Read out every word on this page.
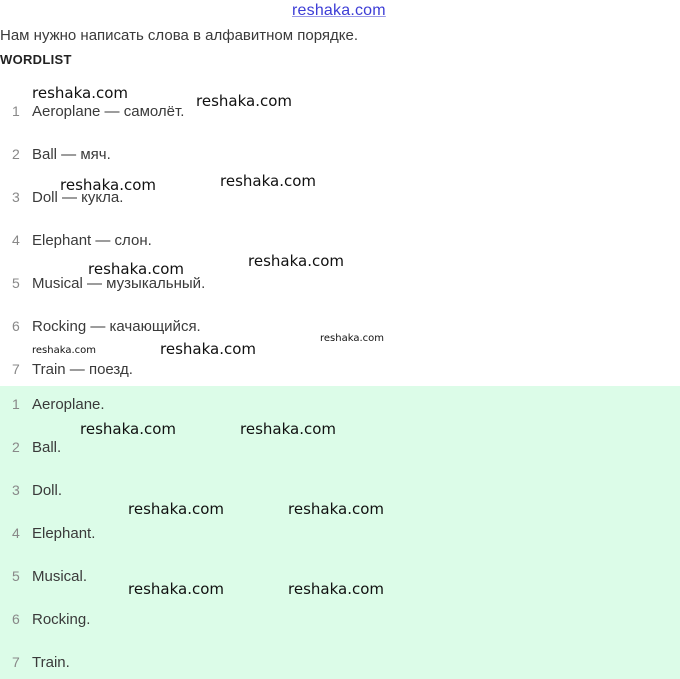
reshaka.com
Нам нужно написать слова в алфавитном порядке.
WORDLIST
1 Aeroplane — самолёт.
2 Ball — мяч.
3 Doll — кукла.
4 Elephant — слон.
5 Musical — музыкальный.
6 Rocking — качающийся.
7 Train — поезд.
1 Aeroplane.
2 Ball.
3 Doll.
4 Elephant.
5 Musical.
6 Rocking.
7 Train.
reshaka.com	reshaka.com
reshaka.com	reshaka.com
reshaka.com	reshaka.com
reshaka.com
reshaka.com	reshaka.com
reshaka.com	reshaka.com
reshaka.com	reshaka.com
reshaka.com	reshaka.com
